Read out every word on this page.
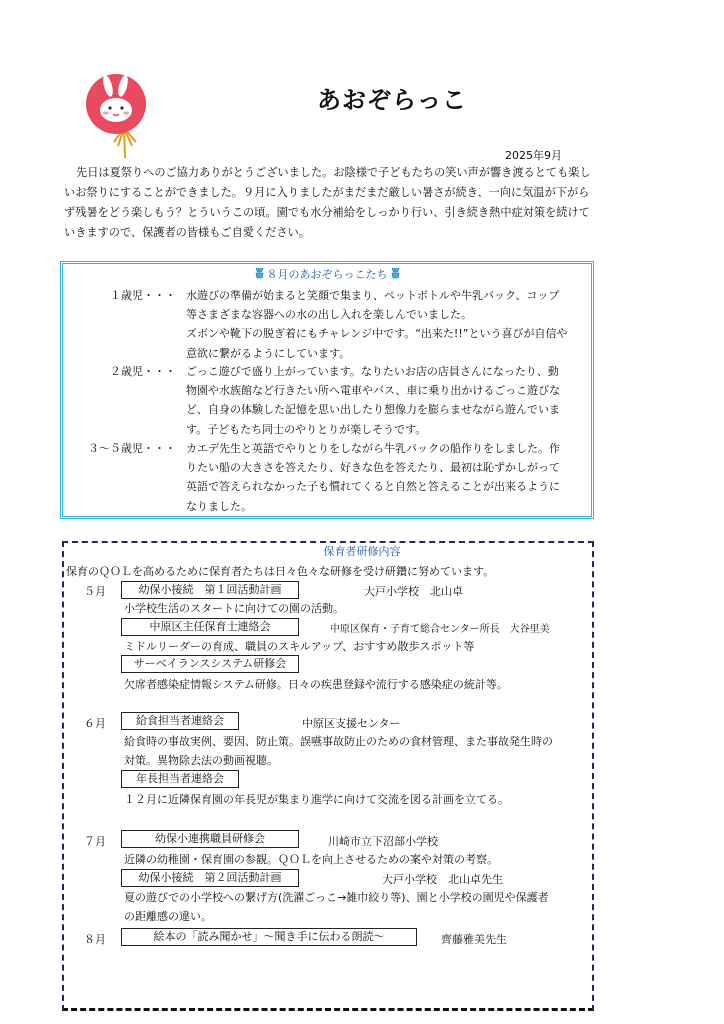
あおぞらっこ
2025年9月

先日は夏祭りへのご協力ありがとうございました。お陰様で子どもたちの笑い声が響き渡るとても楽しいお祭りにすることができました。９月に入りましたがまだまだ厳しい暑さが続き、一向に気温が下がらず残暑をどう楽しもう？とういうこの頃。園でも水分補給をしっかり行い、引き続き熱中症対策を続けていきますので、保護者の皆様もご自愛ください。

８月のあおぞらっこたち
１歳児・・・ 水遊びの準備が始まると笑顔で集まり、ペットボトルや牛乳パック、コップ
等さまざまな容器への水の出し入れを楽しんでいました。
ズボンや靴下の脱ぎ着にもチャレンジ中です。“出来た!!”という喜びが自信や
意欲に繋がるようにしています。
２歳児・・・ ごっこ遊びで盛り上がっています。なりたいお店の店員さんになったり、動
物園や水族館など行きたい所へ電車やバス、車に乗り出かけるごっこ遊びな
ど、自身の体験した記憶を思い出したり想像力を膨らませながら遊んでいま
す。子どもたち同士のやりとりが楽しそうです。
３～５歳児・・・ カエデ先生と英語でやりとりをしながら牛乳パックの船作りをしました。作
りたい船の大きさを答えたり、好きな色を答えたり、最初は恥ずかしがって
英語で答えられなかった子も慣れてくると自然と答えることが出来るように
なりました。
保育者研修内容
保育のＱＯＬを高めるために保育者たちは日々色々な研修を受け研鑽に努めています。
５月	幼保小接続　第１回活動計画	大戸小学校　北山卓
小学校生活のスタートに向けての園の活動。
中原区主任保育士連絡会	中原区保育・子育て総合センター所長　大谷里美
ミドルリーダーの育成、職員のスキルアップ、おすすめ散歩スポット等
サーベイランスシステム研修会
欠席者感染症情報システム研修。日々の疾患登録や流行する感染症の統計等。
６月	給食担当者連絡会	中原区支援センター
給食時の事故実例、要因、防止策。誤嚥事故防止のための食材管理、また事故発生時の
対策。異物除去法の動画視聴。
年長担当者連絡会
１２月に近隣保育園の年長児が集まり進学に向けて交流を図る計画を立てる。
７月	幼保小連携職員研修会	川崎市立下沼部小学校
近隣の幼稚園・保育園の参観。ＱＯＬを向上させるための案や対策の考察。
幼保小接続　第２回活動計画	大戸小学校　北山卓先生
夏の遊びでの小学校への繋げ方(洗濯ごっこ→雑巾絞り等)、園と小学校の園児や保護者
の距離感の違い。
８月	絵本の「読み聞かせ」～聞き手に伝わる朗読～	齊藤雅美先生
